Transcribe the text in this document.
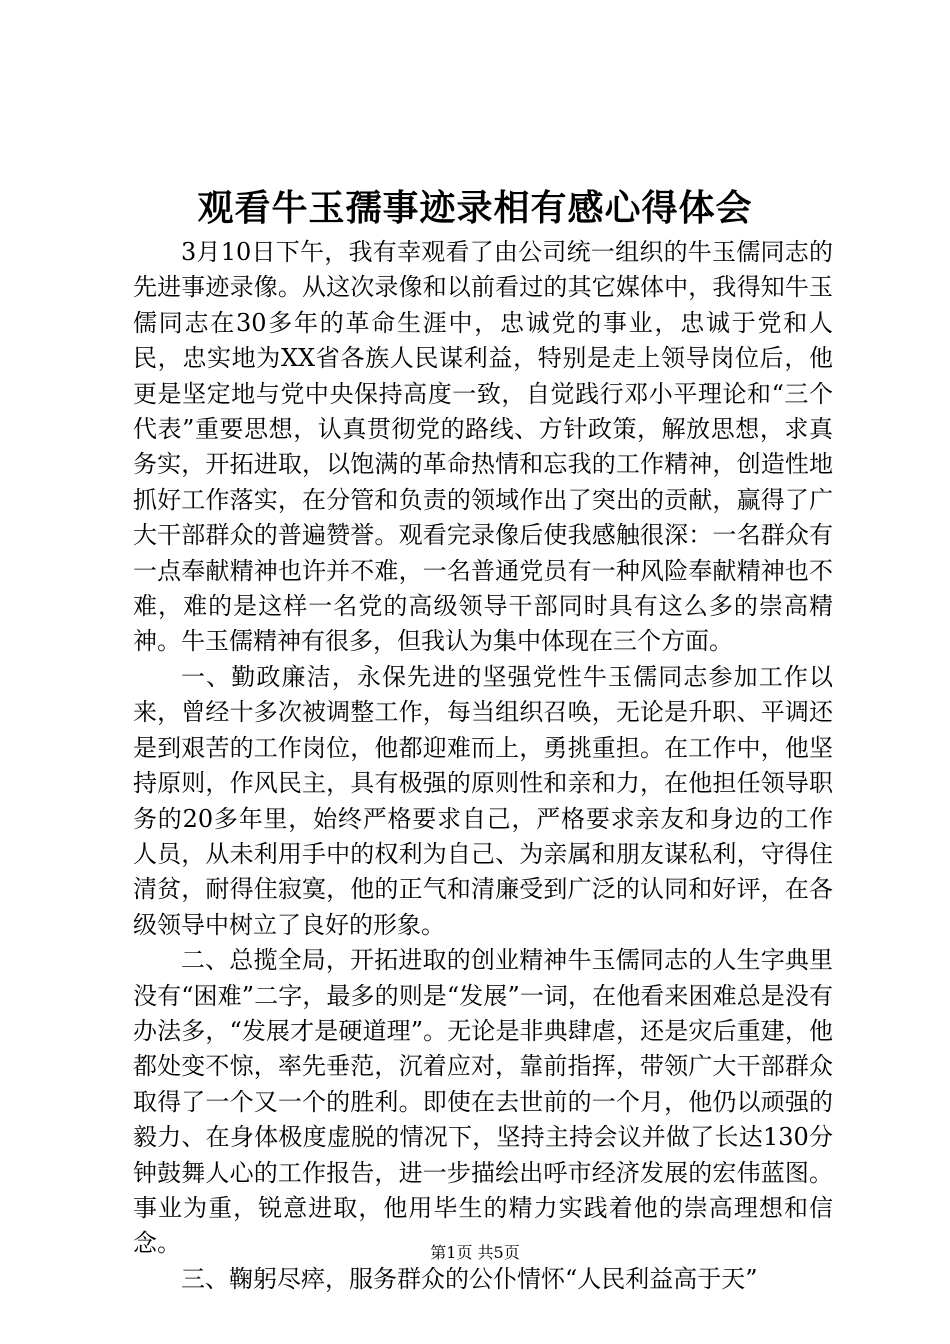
观看牛玉孺事迹录相有感心得体会

3月10日下午，我有幸观看了由公司统一组织的牛玉儒同志的先进事迹录像。从这次录像和以前看过的其它媒体中，我得知牛玉儒同志在30多年的革命生涯中，忠诚党的事业，忠诚于党和人民，忠实地为XX省各族人民谋利益，特别是走上领导岗位后，他更是坚定地与党中央保持高度一致，自觉践行邓小平理论和“三个代表”重要思想，认真贯彻党的路线、方针政策，解放思想，求真务实，开拓进取，以饱满的革命热情和忘我的工作精神，创造性地抓好工作落实，在分管和负责的领域作出了突出的贡献，赢得了广大干部群众的普遍赞誉。观看完录像后使我感触很深：一名群众有一点奉献精神也许并不难，一名普通党员有一种风险奉献精神也不难，难的是这样一名党的高级领导干部同时具有这么多的崇高精神。牛玉儒精神有很多，但我认为集中体现在三个方面。

一、勤政廉洁，永保先进的坚强党性牛玉儒同志参加工作以来，曾经十多次被调整工作，每当组织召唤，无论是升职、平调还是到艰苦的工作岗位，他都迎难而上，勇挑重担。在工作中，他坚持原则，作风民主，具有极强的原则性和亲和力，在他担任领导职务的20多年里，始终严格要求自己，严格要求亲友和身边的工作人员，从未利用手中的权利为自己、为亲属和朋友谋私利，守得住清贫，耐得住寂寞，他的正气和清廉受到广泛的认同和好评，在各级领导中树立了良好的形象。

二、总揽全局，开拓进取的创业精神牛玉儒同志的人生字典里没有“困难”二字，最多的则是“发展”一词，在他看来困难总是没有办法多，“发展才是硬道理”。无论是非典肆虐，还是灾后重建，他都处变不惊，率先垂范，沉着应对，靠前指挥，带领广大干部群众取得了一个又一个的胜利。即使在去世前的一个月，他仍以顽强的毅力、在身体极度虚脱的情况下，坚持主持会议并做了长达130分钟鼓舞人心的工作报告，进一步描绘出呼市经济发展的宏伟蓝图。事业为重，锐意进取，他用毕生的精力实践着他的崇高理想和信念。

三、鞠躬尽瘁，服务群众的公仆情怀“人民利益高于天”

第1页 共5页
